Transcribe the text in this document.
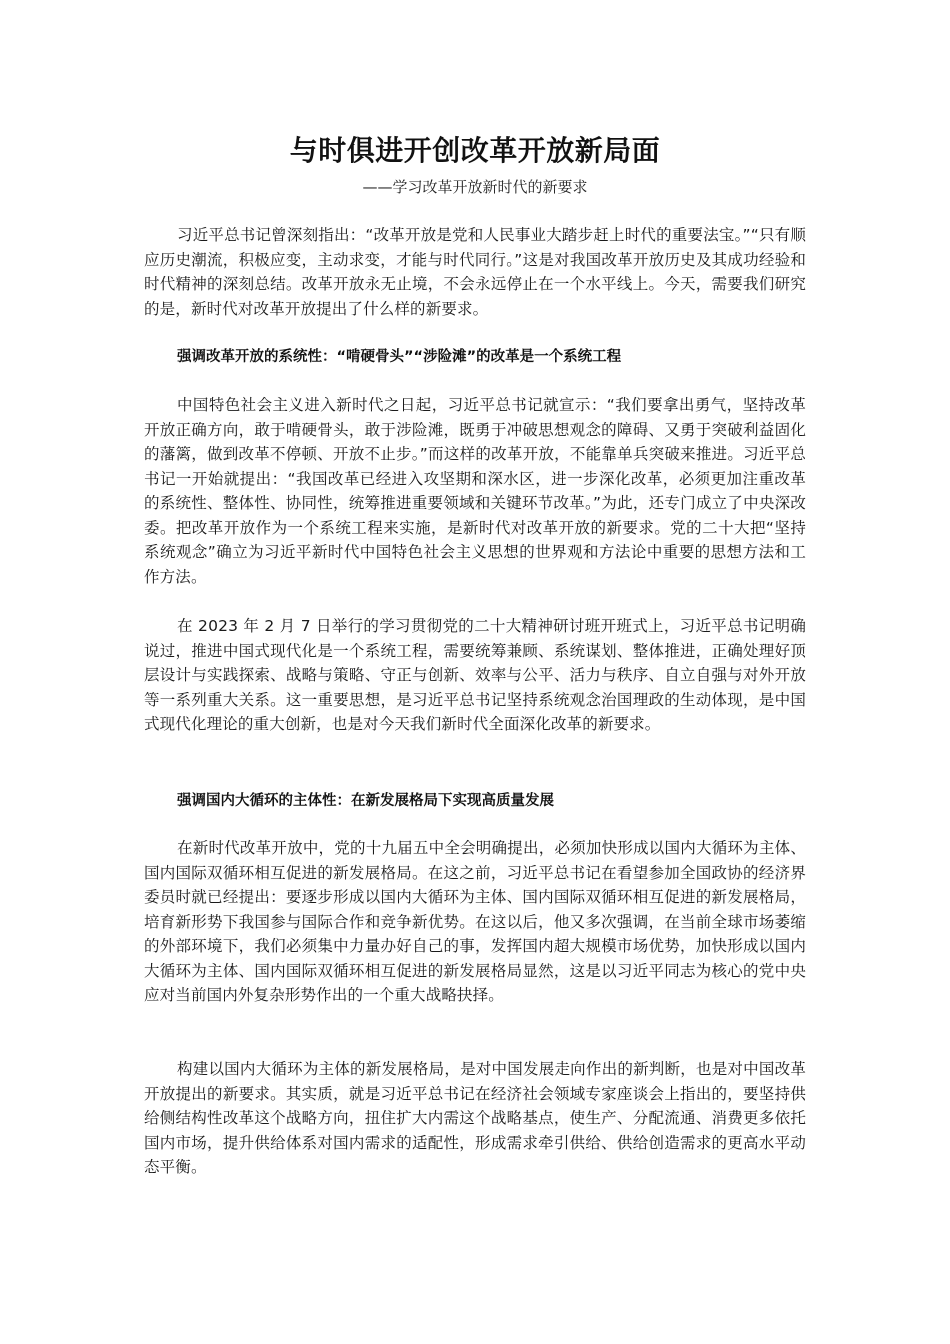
与时俱进开创改革开放新局面
——学习改革开放新时代的新要求

习近平总书记曾深刻指出：“改革开放是党和人民事业大踏步赶上时代的重要法宝。”“只有顺应历史潮流，积极应变，主动求变，才能与时代同行。”这是对我国改革开放历史及其成功经验和时代精神的深刻总结。改革开放永无止境，不会永远停止在一个水平线上。今天，需要我们研究的是，新时代对改革开放提出了什么样的新要求。

强调改革开放的系统性：“啃硬骨头”“涉险滩”的改革是一个系统工程

中国特色社会主义进入新时代之日起，习近平总书记就宣示：“我们要拿出勇气，坚持改革开放正确方向，敢于啃硬骨头，敢于涉险滩，既勇于冲破思想观念的障碍、又勇于突破利益固化的藩篱，做到改革不停顿、开放不止步。”而这样的改革开放，不能靠单兵突破来推进。习近平总书记一开始就提出：“我国改革已经进入攻坚期和深水区，进一步深化改革，必须更加注重改革的系统性、整体性、协同性，统筹推进重要领域和关键环节改革。”为此，还专门成立了中央深改委。把改革开放作为一个系统工程来实施，是新时代对改革开放的新要求。党的二十大把“坚持系统观念”确立为习近平新时代中国特色社会主义思想的世界观和方法论中重要的思想方法和工作方法。

在 2023 年 2 月 7 日举行的学习贯彻党的二十大精神研讨班开班式上，习近平总书记明确说过，推进中国式现代化是一个系统工程，需要统筹兼顾、系统谋划、整体推进，正确处理好顶层设计与实践探索、战略与策略、守正与创新、效率与公平、活力与秩序、自立自强与对外开放等一系列重大关系。这一重要思想，是习近平总书记坚持系统观念治国理政的生动体现，是中国式现代化理论的重大创新，也是对今天我们新时代全面深化改革的新要求。

强调国内大循环的主体性：在新发展格局下实现高质量发展

在新时代改革开放中，党的十九届五中全会明确提出，必须加快形成以国内大循环为主体、国内国际双循环相互促进的新发展格局。在这之前，习近平总书记在看望参加全国政协的经济界委员时就已经提出：要逐步形成以国内大循环为主体、国内国际双循环相互促进的新发展格局，培育新形势下我国参与国际合作和竞争新优势。在这以后，他又多次强调，在当前全球市场萎缩的外部环境下，我们必须集中力量办好自己的事，发挥国内超大规模市场优势，加快形成以国内大循环为主体、国内国际双循环相互促进的新发展格局显然，这是以习近平同志为核心的党中央应对当前国内外复杂形势作出的一个重大战略抉择。

构建以国内大循环为主体的新发展格局，是对中国发展走向作出的新判断，也是对中国改革开放提出的新要求。其实质，就是习近平总书记在经济社会领域专家座谈会上指出的，要坚持供给侧结构性改革这个战略方向，扭住扩大内需这个战略基点，使生产、分配流通、消费更多依托国内市场，提升供给体系对国内需求的适配性，形成需求牵引供给、供给创造需求的更高水平动态平衡。
